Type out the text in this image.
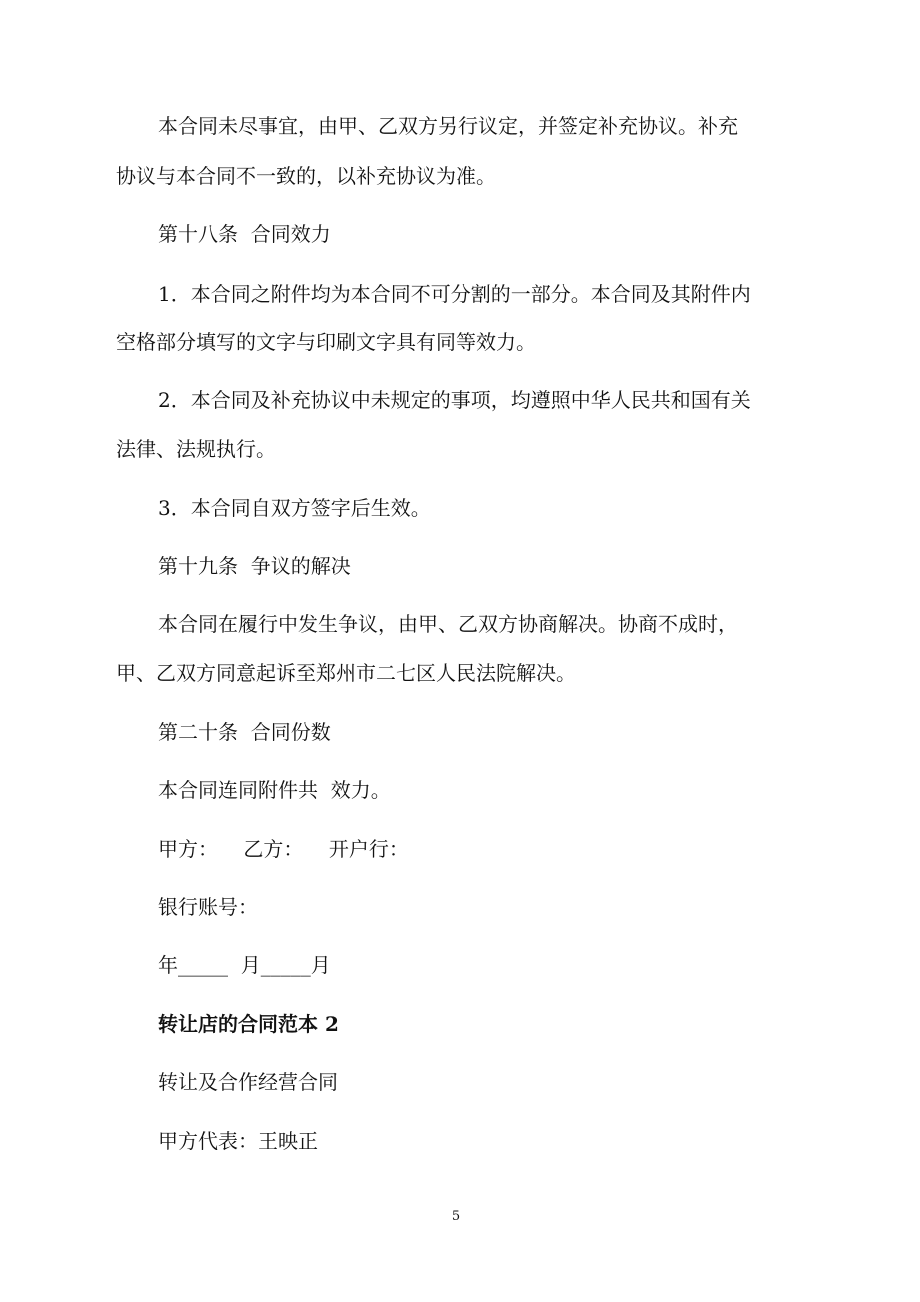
本合同未尽事宜，由甲、乙双方另行议定，并签定补充协议。补充
协议与本合同不一致的，以补充协议为准。
第十八条  合同效力
1．本合同之附件均为本合同不可分割的一部分。本合同及其附件内
空格部分填写的文字与印刷文字具有同等效力。
2．本合同及补充协议中未规定的事项，均遵照中华人民共和国有关
法律、法规执行。
3．本合同自双方签字后生效。
第十九条  争议的解决
本合同在履行中发生争议，由甲、乙双方协商解决。协商不成时，
甲、乙双方同意起诉至郑州市二七区人民法院解决。
第二十条  合同份数
本合同连同附件共  效力。
甲方：    乙方：    开户行：
银行账号：
年_____  月_____月
转让店的合同范本 2
转让及合作经营合同
甲方代表：王映正
5
